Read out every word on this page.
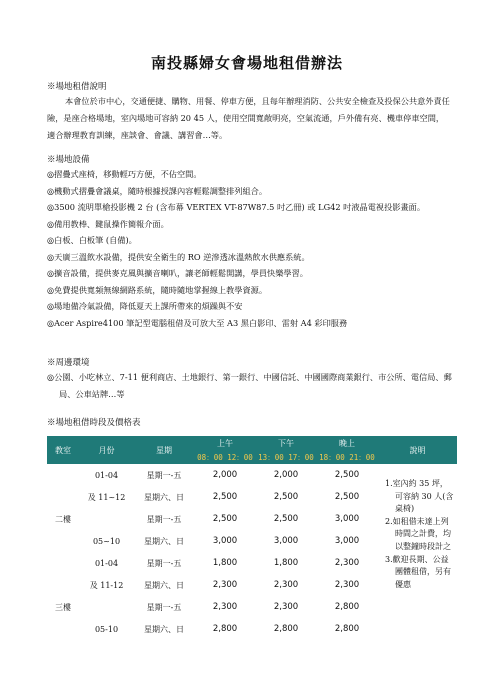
南投縣婦女會場地租借辦法
※場地租借說明

本會位於市中心，交通便捷、購物、用餐、停車方便，且每年辦理消防、公共安全檢查及投保公共意外責任險，是座合格場地，室內場地可容納 20 45 人，使用空間寬敞明亮，空氣流通，戶外備有亮、機車停車空間，適合辦理教育訓練，座談會、會議、講習會…等。

※場地設備
◎摺疊式座椅，移動輕巧方便，不佔空間。
◎機動式摺疊會議桌，隨時根據授課內容輕鬆調整排列組合。
◎3500 流明單槍投影機 2 台 (含布幕 VERTEX VT-87W87.5 吋乙冊) 或 LG42 吋液晶電視投影畫面。
◎備用教棒、鍵鼠操作簡報介面。
◎白板、白板筆 (自備)。
◎天廣三溫飲水設備，提供安全衛生的 RO 逆滲透冰溫熱飲水供應系統。
◎擴音設備，提供麥克風與擴音喇叭，讓老師輕鬆開講，學員快樂學習。
◎免費提供寬頻無線網路系統，隨時隨地掌握線上教學資源。
◎場地備冷氣設備，降低夏天上課所帶來的煩躁與不安
◎Acer Aspire4100 筆記型電腦租借及可放大至 A3 黑白影印、雷射 A4 彩印服務
※周邊環境
◎公園、小吃林立、7-11 便利商店、土地銀行、第一銀行、中國信託、中國國際商業銀行、市公所、電信局、郵局、公車站牌…等
※場地租借時段及價格表
教室	月份	星期	上午	下午	晚上	說明
			08：00 12：00	13：00 17：00	18：00 21：00	
	01-04	星期一-五	2,000	2,000	2,500	
	及 11~12	星期六、日	2,500	2,500	2,500	
二樓		星期一-五	2,500	2,500	3,000	
	05~10	星期六、日	3,000	3,000	3,000	
	01-04	星期一-五	1,800	1,800	2,300	
	及 11-12	星期六、日	2,300	2,300	2,300	
三樓		星期一-五	2,300	2,300	2,800	
	05-10	星期六、日	2,800	2,800	2,800	
1.室內約 35 坪，可容納 30 人(含桌椅)
2.如租借未達上列時間之計費，均以整鐘時段計之
3.歡迎長期、公益團體租借，另有優惠
